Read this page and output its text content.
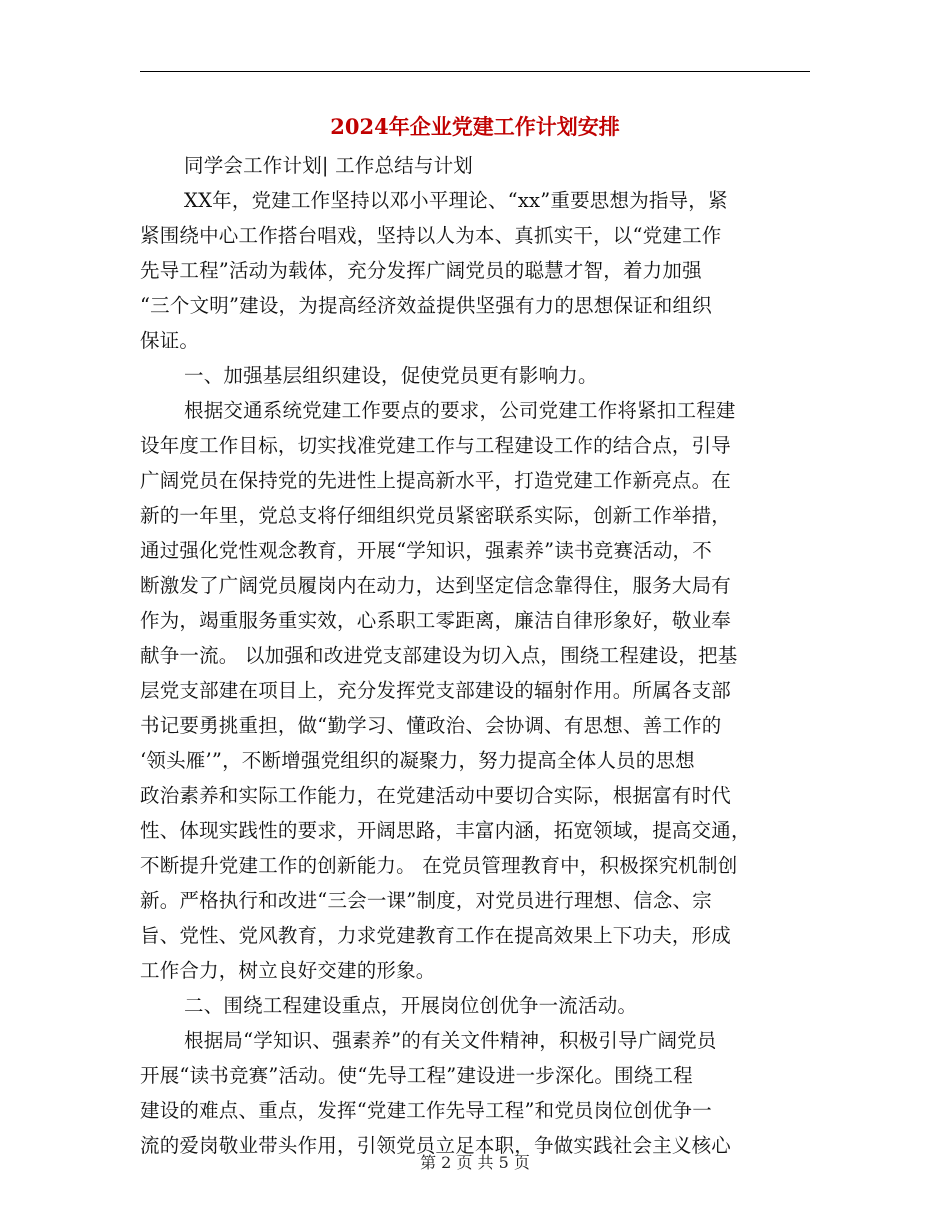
2024年企业党建工作计划安排
同学会工作计划| 工作总结与计划
XX年，党建工作坚持以邓小平理论、“xx”重要思想为指导，紧
紧围绕中心工作搭台唱戏，坚持以人为本、真抓实干，以“党建工作
先导工程”活动为载体，充分发挥广阔党员的聪慧才智，着力加强
“三个文明”建设，为提高经济效益提供坚强有力的思想保证和组织
保证。
一、加强基层组织建设，促使党员更有影响力。
根据交通系统党建工作要点的要求，公司党建工作将紧扣工程建
设年度工作目标，切实找准党建工作与工程建设工作的结合点，引导
广阔党员在保持党的先进性上提高新水平，打造党建工作新亮点。在
新的一年里，党总支将仔细组织党员紧密联系实际，创新工作举措，
通过强化党性观念教育，开展“学知识，强素养”读书竞赛活动，不
断激发了广阔党员履岗内在动力，达到坚定信念靠得住，服务大局有
作为，竭重服务重实效，心系职工零距离，廉洁自律形象好，敬业奉
献争一流。 以加强和改进党支部建设为切入点，围绕工程建设，把基
层党支部建在项目上，充分发挥党支部建设的辐射作用。所属各支部
书记要勇挑重担，做“勤学习、懂政治、会协调、有思想、善工作的
‘领头雁’”，不断增强党组织的凝聚力，努力提高全体人员的思想
政治素养和实际工作能力，在党建活动中要切合实际，根据富有时代
性、体现实践性的要求，开阔思路，丰富内涵，拓宽领域，提高交通，
不断提升党建工作的创新能力。 在党员管理教育中，积极探究机制创
新。严格执行和改进“三会一课”制度，对党员进行理想、信念、宗
旨、党性、党风教育，力求党建教育工作在提高效果上下功夫，形成
工作合力，树立良好交建的形象。
二、围绕工程建设重点，开展岗位创优争一流活动。
根据局“学知识、强素养”的有关文件精神，积极引导广阔党员
开展“读书竞赛”活动。使“先导工程”建设进一步深化。围绕工程
建设的难点、重点，发挥“党建工作先导工程”和党员岗位创优争一
流的爱岗敬业带头作用，引领党员立足本职，争做实践社会主义核心
第 2 页 共 5 页
